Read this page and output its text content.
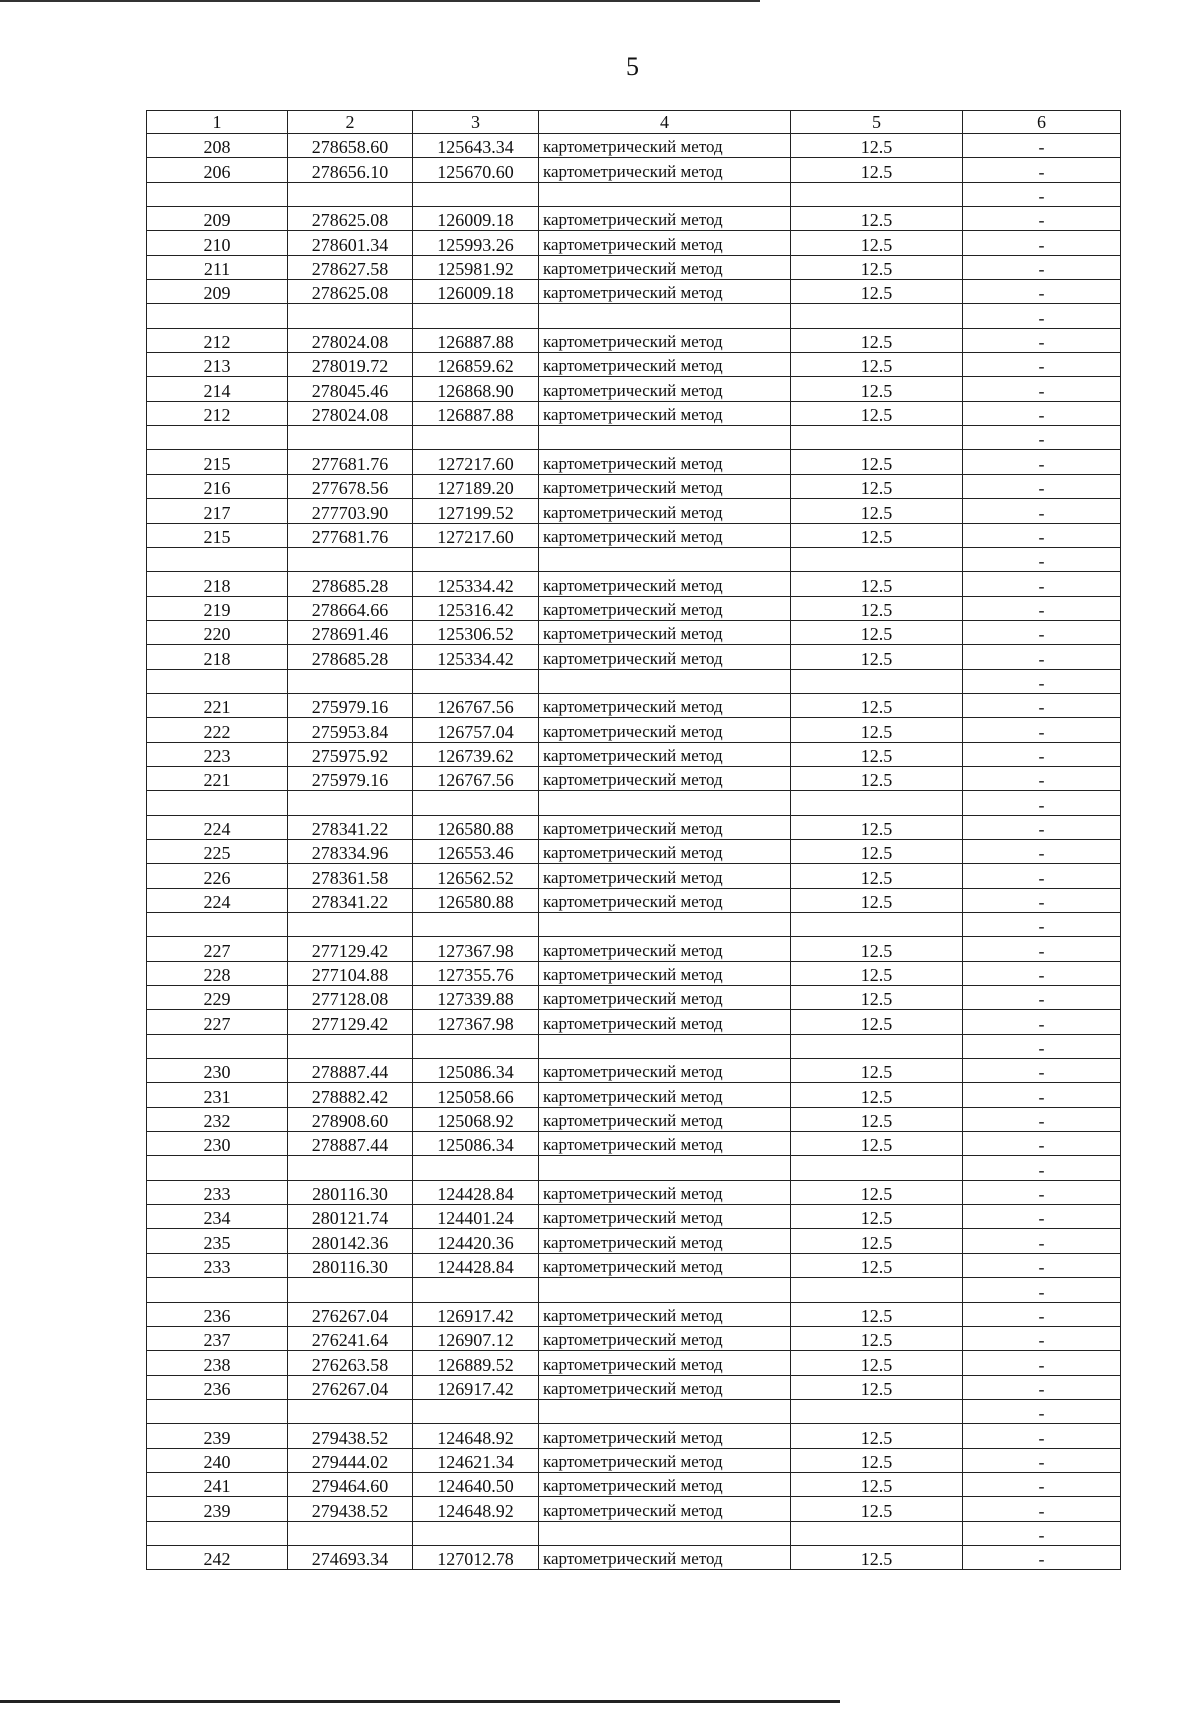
5
1	2	3	4	5	6
208	278658.60	125643.34	картометрический метод	12.5	-
206	278656.10	125670.60	картометрический метод	12.5	-
					-
209	278625.08	126009.18	картометрический метод	12.5	-
210	278601.34	125993.26	картометрический метод	12.5	-
211	278627.58	125981.92	картометрический метод	12.5	-
209	278625.08	126009.18	картометрический метод	12.5	-
					-
212	278024.08	126887.88	картометрический метод	12.5	-
213	278019.72	126859.62	картометрический метод	12.5	-
214	278045.46	126868.90	картометрический метод	12.5	-
212	278024.08	126887.88	картометрический метод	12.5	-
					-
215	277681.76	127217.60	картометрический метод	12.5	-
216	277678.56	127189.20	картометрический метод	12.5	-
217	277703.90	127199.52	картометрический метод	12.5	-
215	277681.76	127217.60	картометрический метод	12.5	-
					-
218	278685.28	125334.42	картометрический метод	12.5	-
219	278664.66	125316.42	картометрический метод	12.5	-
220	278691.46	125306.52	картометрический метод	12.5	-
218	278685.28	125334.42	картометрический метод	12.5	-
					-
221	275979.16	126767.56	картометрический метод	12.5	-
222	275953.84	126757.04	картометрический метод	12.5	-
223	275975.92	126739.62	картометрический метод	12.5	-
221	275979.16	126767.56	картометрический метод	12.5	-
					-
224	278341.22	126580.88	картометрический метод	12.5	-
225	278334.96	126553.46	картометрический метод	12.5	-
226	278361.58	126562.52	картометрический метод	12.5	-
224	278341.22	126580.88	картометрический метод	12.5	-
					-
227	277129.42	127367.98	картометрический метод	12.5	-
228	277104.88	127355.76	картометрический метод	12.5	-
229	277128.08	127339.88	картометрический метод	12.5	-
227	277129.42	127367.98	картометрический метод	12.5	-
					-
230	278887.44	125086.34	картометрический метод	12.5	-
231	278882.42	125058.66	картометрический метод	12.5	-
232	278908.60	125068.92	картометрический метод	12.5	-
230	278887.44	125086.34	картометрический метод	12.5	-
					-
233	280116.30	124428.84	картометрический метод	12.5	-
234	280121.74	124401.24	картометрический метод	12.5	-
235	280142.36	124420.36	картометрический метод	12.5	-
233	280116.30	124428.84	картометрический метод	12.5	-
					-
236	276267.04	126917.42	картометрический метод	12.5	-
237	276241.64	126907.12	картометрический метод	12.5	-
238	276263.58	126889.52	картометрический метод	12.5	-
236	276267.04	126917.42	картометрический метод	12.5	-
					-
239	279438.52	124648.92	картометрический метод	12.5	-
240	279444.02	124621.34	картометрический метод	12.5	-
241	279464.60	124640.50	картометрический метод	12.5	-
239	279438.52	124648.92	картометрический метод	12.5	-
					-
242	274693.34	127012.78	картометрический метод	12.5	-
